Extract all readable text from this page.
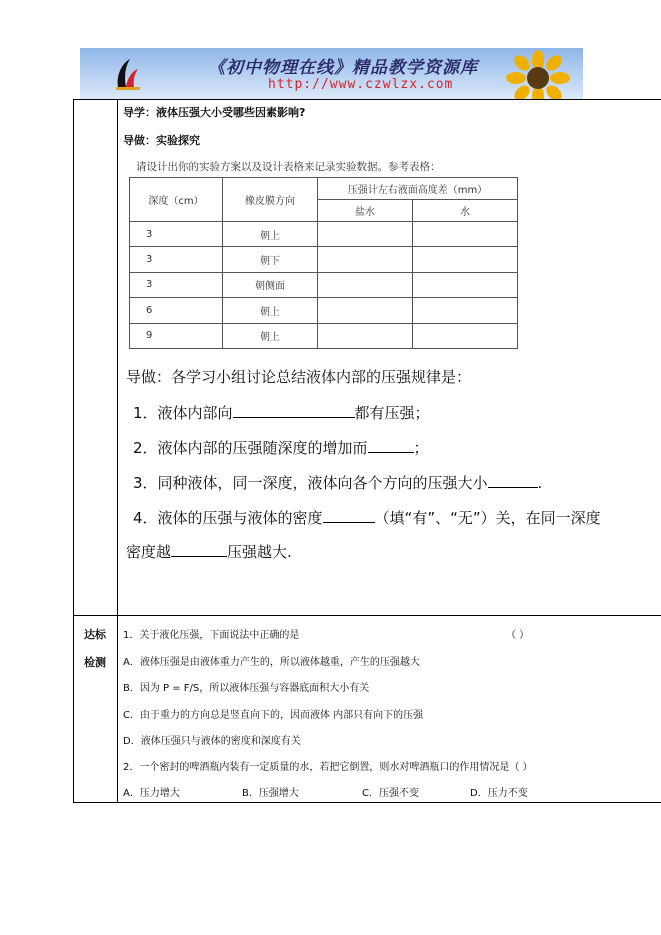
《初中物理在线》精品教学资源库
http://www.czwlzx.com
导学：液体压强大小受哪些因素影响?
导做：实验探究
请设计出你的实验方案以及设计表格来记录实验数据。参考表格：
深度（cm）	橡皮膜方向	压强计左右液面高度差（mm）	
		盐水	水
3	朝上		
3	朝下		
3	朝侧面		
6	朝上		
9	朝上		
导做：各学习小组讨论总结液体内部的压强规律是：
1．液体内部向	都有压强；
2．液体内部的压强随深度的增加而	；
3．同种液体，同一深度，液体向各个方向的压强大小	.
4．液体的压强与液体的密度	（填“有”、“无”）关，在同一深度
密度越	压强越大.
达标
检测
1．关于液化压强，下面说法中正确的是	（ ）
A．液体压强是由液体重力产生的，所以液体越重，产生的压强越大
B．因为 P = F/S，所以液体压强与容器底面积大小有关
C．由于重力的方向总是竖直向下的，因而液体 内部只有向下的压强
D．液体压强只与液体的密度和深度有关
2．一个密封的啤酒瓶内装有一定质量的水，若把它倒置，则水对啤酒瓶口的作用情况是（ ）
A．压力增大	B．压强增大	C．压强不变	D．压力不变
